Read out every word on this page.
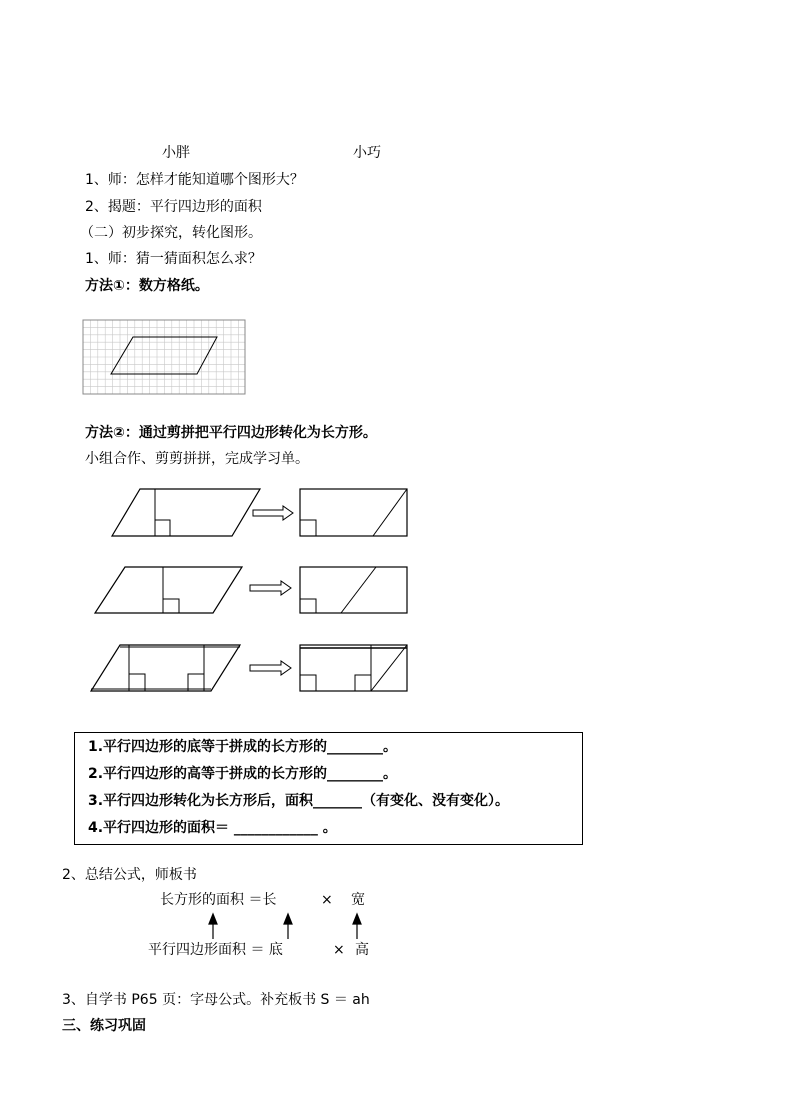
小胖	小巧
1、师：怎样才能知道哪个图形大？
2、揭题：平行四边形的面积
（二）初步探究，转化图形。
1、师：猜一猜面积怎么求？
方法①：数方格纸。
方法②：通过剪拼把平行四边形转化为长方形。
小组合作、剪剪拼拼，完成学习单。
1.平行四边形的底等于拼成的长方形的________。
2.平行四边形的高等于拼成的长方形的________。
3.平行四边形转化为长方形后，面积_______（有变化、没有变化）。
4.平行四边形的面积＝ ____________ 。
2、总结公式，师板书
长方形的面积 ＝长	× 宽
平行四边形面积 ＝ 底	× 高
3、自学书 P65 页：字母公式。补充板书 S ＝ ah
三、练习巩固
